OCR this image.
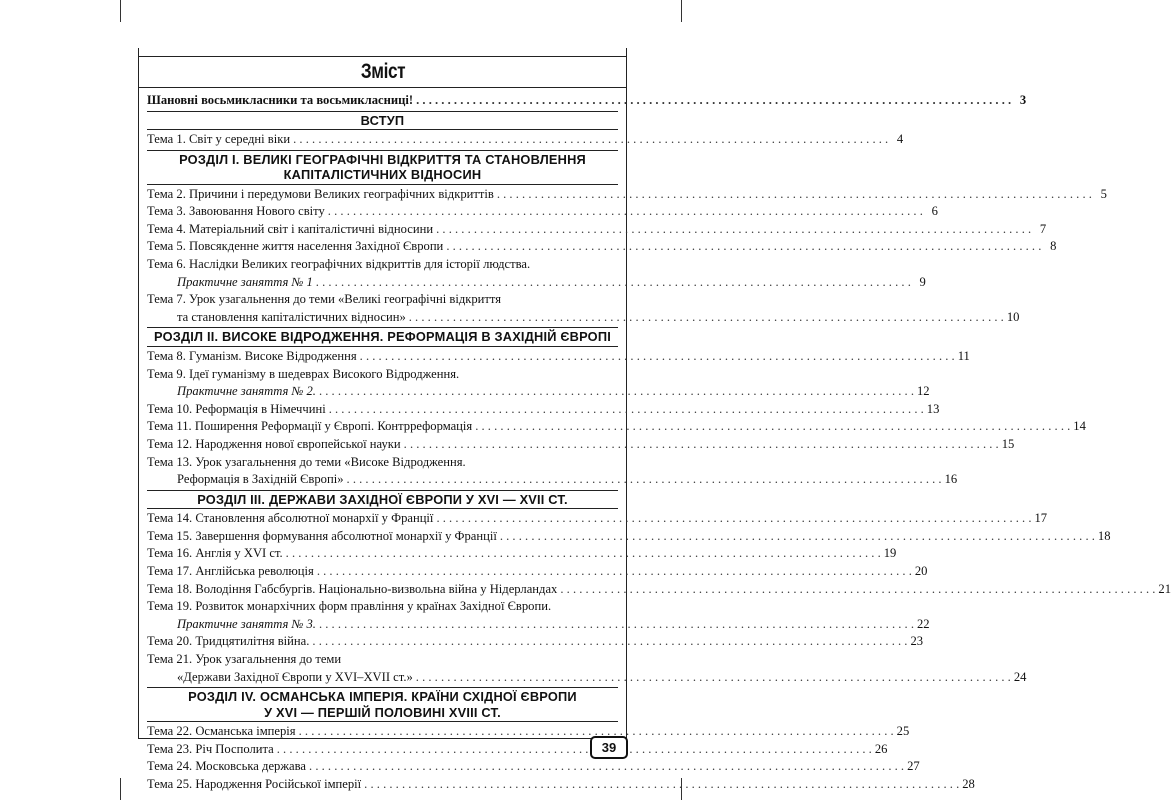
Зміст
Шановні восьмикласники та восьмикласниці! . . .	3
ВСТУП
Тема 1. Світ у середні віки . . .	4
РОЗДІЛ І. ВЕЛИКІ ГЕОГРАФІЧНІ ВІДКРИТТЯ ТА СТАНОВЛЕННЯ
КАПІТАЛІСТИЧНИХ ВІДНОСИН
Тема 2. Причини і передумови Великих географічних відкриттів . . .	5
Тема 3. Завоювання Нового світу . . .	6
Тема 4. Матеріальний світ і капіталістичні відносини . . .	7
Тема 5. Повсякденне життя населення Західної Європи . . .	8
Тема 6. Наслідки Великих географічних відкриттів для історії людства.
Практичне заняття № 1 . . .	9
Тема 7. Урок узагальнення до теми «Великі географічні відкриття
та становлення капіталістичних відносин» . . .	10
РОЗДІЛ ІІ. ВИСОКЕ ВІДРОДЖЕННЯ. РЕФОРМАЦІЯ В ЗАХІДНІЙ ЄВРОПІ
Тема 8. Гуманізм. Високе Відродження . . .	11
Тема 9. Ідеї гуманізму в шедеврах Високого Відродження.
Практичне заняття № 2. . . .	12
Тема 10. Реформація в Німеччині . . .	13
Тема 11. Поширення Реформації у Європі. Контрреформація . . .	14
Тема 12. Народження нової європейської науки . . .	15
Тема 13. Урок узагальнення до теми «Високе Відродження.
Реформація в Західній Європі» . . .	16
РОЗДІЛ ІІІ. ДЕРЖАВИ ЗАХІДНОЇ ЄВРОПИ У XVI — XVII СТ.
Тема 14. Становлення абсолютної монархії у Франції . . .	17
Тема 15. Завершення формування абсолютної монархії у Франції . . .	18
Тема 16. Англія у XVI ст. . . .	19
Тема 17. Англійська революція . . .	20
Тема 18. Володіння Габсбургів. Національно-визвольна війна у Нідерландах . . .	21
Тема 19. Розвиток монархічних форм правління у країнах Західної Європи.
Практичне заняття № 3. . . .	22
Тема 20. Тридцятилітня війна. . . .	23
Тема 21. Урок узагальнення до теми
«Держави Західної Європи у XVI–XVII ст.» . . .	24
РОЗДІЛ IV. ОСМАНСЬКА ІМПЕРІЯ. КРАЇНИ СХІДНОЇ ЄВРОПИ
У XVI — ПЕРШІЙ ПОЛОВИНІ XVIII СТ.
Тема 22. Османська імперія . . .	25
Тема 23. Річ Посполита . . .	26
Тема 24. Московська держава . . .	27
Тема 25. Народження Російської імперії . . .	28
39
